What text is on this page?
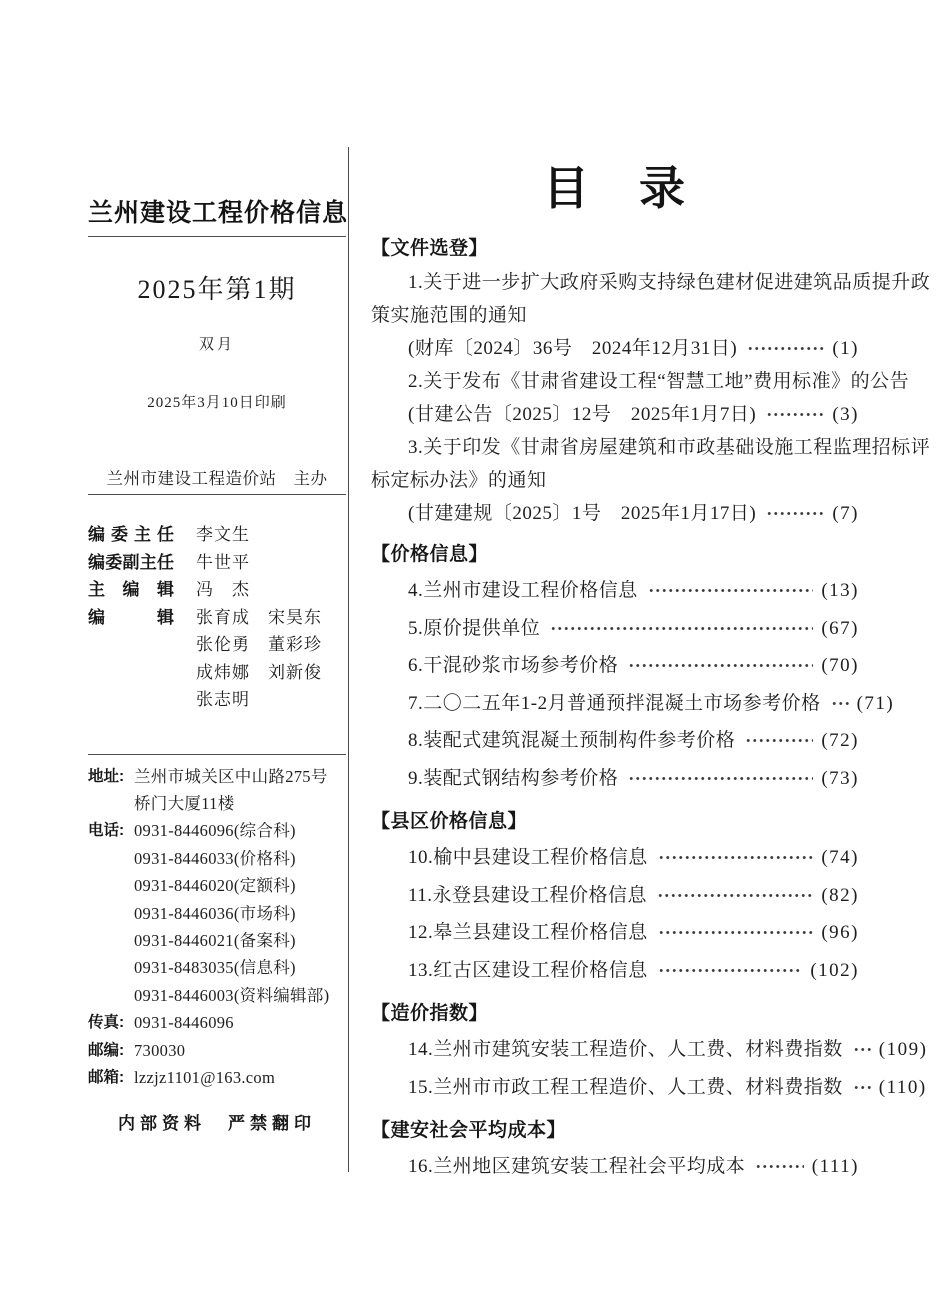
兰州建设工程价格信息
2025年第1期
双月
2025年3月10日印刷
兰州市建设工程造价站　主办
编委主任 李文生
编委副主任 牛世平
主编辑 冯　杰
编辑 张育成　宋昊东
张伦勇　董彩珍
成炜娜　刘新俊
张志明
地址: 兰州市城关区中山路275号
桥门大厦11楼
电话: 0931-8446096(综合科)
0931-8446033(价格科)
0931-8446020(定额科)
0931-8446036(市场科)
0931-8446021(备案科)
0931-8483035(信息科)
0931-8446003(资料编辑部)
传真: 0931-8446096
邮编: 730030
邮箱: lzzjz1101@163.com
内部资料　严禁翻印
目　录
【文件选登】
1.关于进一步扩大政府采购支持绿色建材促进建筑品质提升政
策实施范围的通知
(财库〔2024〕36号　2024年12月31日)	(1)
2.关于发布《甘肃省建设工程“智慧工地”费用标准》的公告
(甘建公告〔2025〕12号　2025年1月7日)	(3)
3.关于印发《甘肃省房屋建筑和市政基础设施工程监理招标评
标定标办法》的通知
(甘建建规〔2025〕1号　2025年1月17日)	(7)
【价格信息】
4.兰州市建设工程价格信息	(13)
5.原价提供单位	(67)
6.干混砂浆市场参考价格	(70)
7.二〇二五年1-2月普通预拌混凝土市场参考价格 (71)
8.装配式建筑混凝土预制构件参考价格	(72)
9.装配式钢结构参考价格	(73)
【县区价格信息】
10.榆中县建设工程价格信息	(74)
11.永登县建设工程价格信息	(82)
12.皋兰县建设工程价格信息	(96)
13.红古区建设工程价格信息	(102)
【造价指数】
14.兰州市建筑安装工程造价、人工费、材料费指数 (109)
15.兰州市市政工程工程造价、人工费、材料费指数 (110)
【建安社会平均成本】
16.兰州地区建筑安装工程社会平均成本	(111)
